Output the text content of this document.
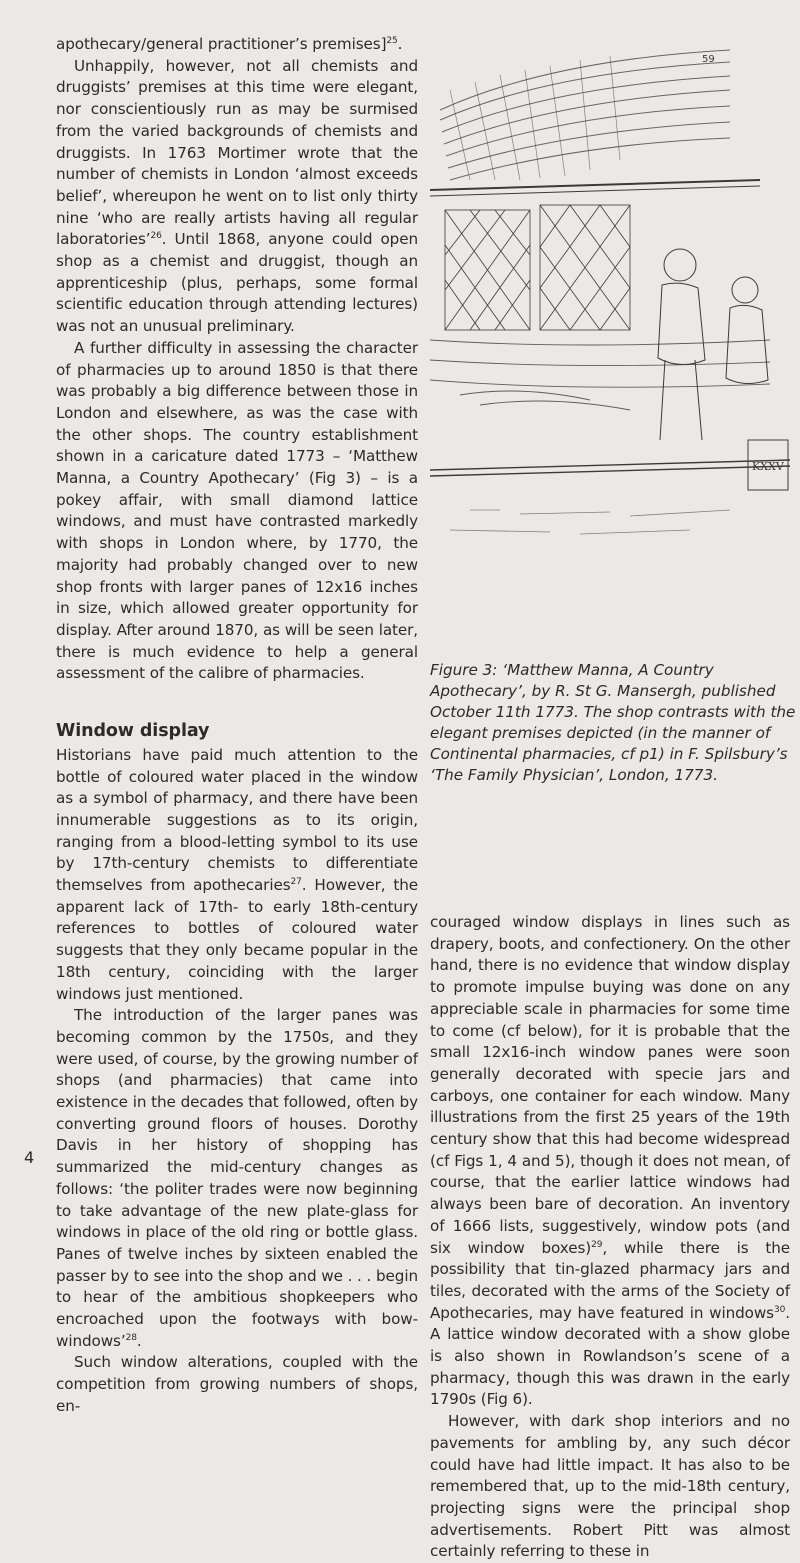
apothecary/general practitioner’s premises]$^{25}$.

Unhappily, however, not all chemists and druggists’ premises at this time were elegant, nor conscientiously run as may be surmised from the varied backgrounds of chemists and druggists. In 1763 Mortimer wrote that the number of chemists in London ‘almost exceeds belief’, whereupon he went on to list only thirty nine ‘who are really artists having all regular laboratories’$^{26}$. Until 1868, anyone could open shop as a chemist and druggist, though an apprenticeship (plus, perhaps, some formal scientific education through attending lectures) was not an unusual preliminary.

A further difficulty in assessing the character of pharmacies up to around 1850 is that there was probably a big difference between those in London and elsewhere, as was the case with the other shops. The country establishment shown in a caricature dated 1773 – ‘Matthew Manna, a Country Apothecary’ (Fig 3) – is a pokey affair, with small diamond lattice windows, and must have contrasted markedly with shops in London where, by 1770, the majority had probably changed over to new shop fronts with larger panes of 12x16 inches in size, which allowed greater opportunity for display. After around 1870, as will be seen later, there is much evidence to help a general assessment of the calibre of pharmacies.

Window display

Historians have paid much attention to the bottle of coloured water placed in the window as a symbol of pharmacy, and there have been innumerable suggestions as to its origin, ranging from a blood-letting symbol to its use by 17th-century chemists to differentiate themselves from apothecaries$^{27}$. However, the apparent lack of 17th- to early 18th-century references to bottles of coloured water suggests that they only became popular in the 18th century, coinciding with the larger windows just mentioned.

The introduction of the larger panes was becoming common by the 1750s, and they were used, of course, by the growing number of shops (and pharmacies) that came into existence in the decades that followed, often by converting ground floors of houses. Dorothy Davis in her history of shopping has summarized the mid-century changes as follows: ‘the politer trades were now beginning to take advantage of the new plate-glass for windows in place of the old ring or bottle glass. Panes of twelve inches by sixteen enabled the passer by to see into the shop and we . . . begin to hear of the ambitious shopkeepers who encroached upon the footways with bow-windows’$^{28}$.

Such window alterations, coupled with the competition from growing numbers of shops, en-

59
KXXV
Figure 3: ‘Matthew Manna, A Country Apothecary’, by R. St G. Mansergh, published October 11th 1773. The shop contrasts with the elegant premises depicted (in the manner of Continental pharmacies, cf p1) in F. Spilsbury’s ‘The Family Physician’, London, 1773.

couraged window displays in lines such as drapery, boots, and confectionery. On the other hand, there is no evidence that window display to promote impulse buying was done on any appreciable scale in pharmacies for some time to come (cf below), for it is probable that the small 12x16-inch window panes were soon generally decorated with specie jars and carboys, one container for each window. Many illustrations from the first 25 years of the 19th century show that this had become widespread (cf Figs 1, 4 and 5), though it does not mean, of course, that the earlier lattice windows had always been bare of decoration. An inventory of 1666 lists, suggestively, window pots (and six window boxes)$^{29}$, while there is the possibility that tin-glazed pharmacy jars and tiles, decorated with the arms of the Society of Apothecaries, may have featured in windows$^{30}$. A lattice window decorated with a show globe is also shown in Rowlandson’s scene of a pharmacy, though this was drawn in the early 1790s (Fig 6).

However, with dark shop interiors and no pavements for ambling by, any such décor could have had little impact. It has also to be remembered that, up to the mid-18th century, projecting signs were the principal shop advertisements. Robert Pitt was almost certainly referring to these in

4
